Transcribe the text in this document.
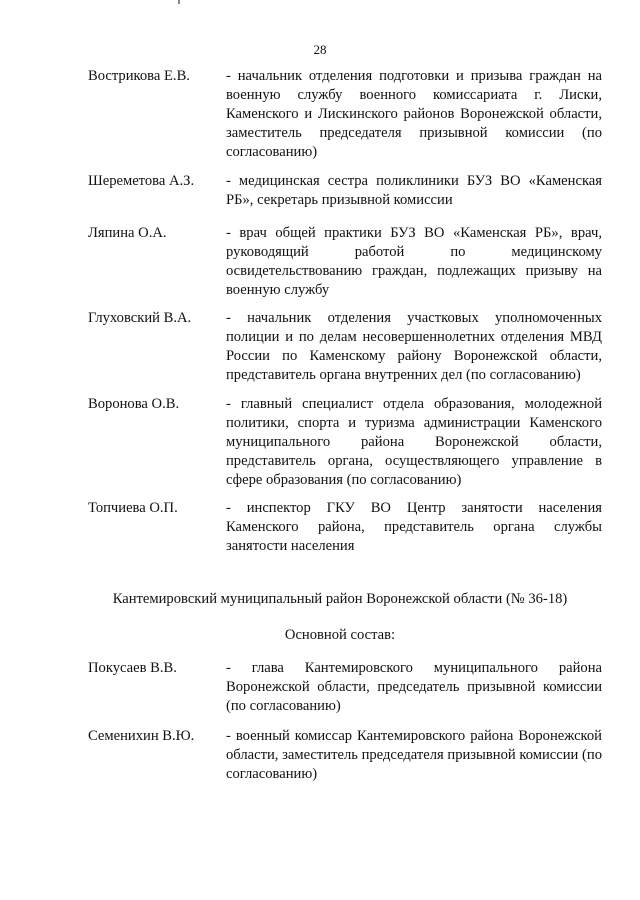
28
Вострикова Е.В. - начальник отделения подготовки и призыва граждан на военную службу военного комиссариата г. Лиски, Каменского и Лискинского районов Воронежской области, заместитель председателя призывной комиссии (по согласованию)
Шереметова А.З. - медицинская сестра поликлиники БУЗ ВО «Каменская РБ», секретарь призывной комиссии
Ляпина О.А.	- врач общей практики БУЗ ВО «Каменская РБ», врач, руководящий работой по медицинскому освидетельствованию граждан, подлежащих призыву на военную службу
Глуховский В.А. - начальник отделения участковых уполномоченных полиции и по делам несовершеннолетних отделения МВД России по Каменскому району Воронежской области, представитель органа внутренних дел (по согласованию)
Воронова О.В.	- главный специалист отдела образования, молодежной политики, спорта и туризма администрации Каменского муниципального района Воронежской области, представитель органа, осуществляющего управление в сфере образования (по согласованию)
Топчиева О.П.	- инспектор ГКУ ВО Центр занятости населения Каменского района, представитель органа службы занятости населения
Кантемировский муниципальный район Воронежской области (№ 36-18)
Основной состав:
Покусаев В.В.	- глава Кантемировского муниципального района Воронежской области, председатель призывной комиссии (по согласованию)
Семенихин В.Ю. - военный комиссар Кантемировского района Воронежской области, заместитель председателя призывной комиссии (по согласованию)
